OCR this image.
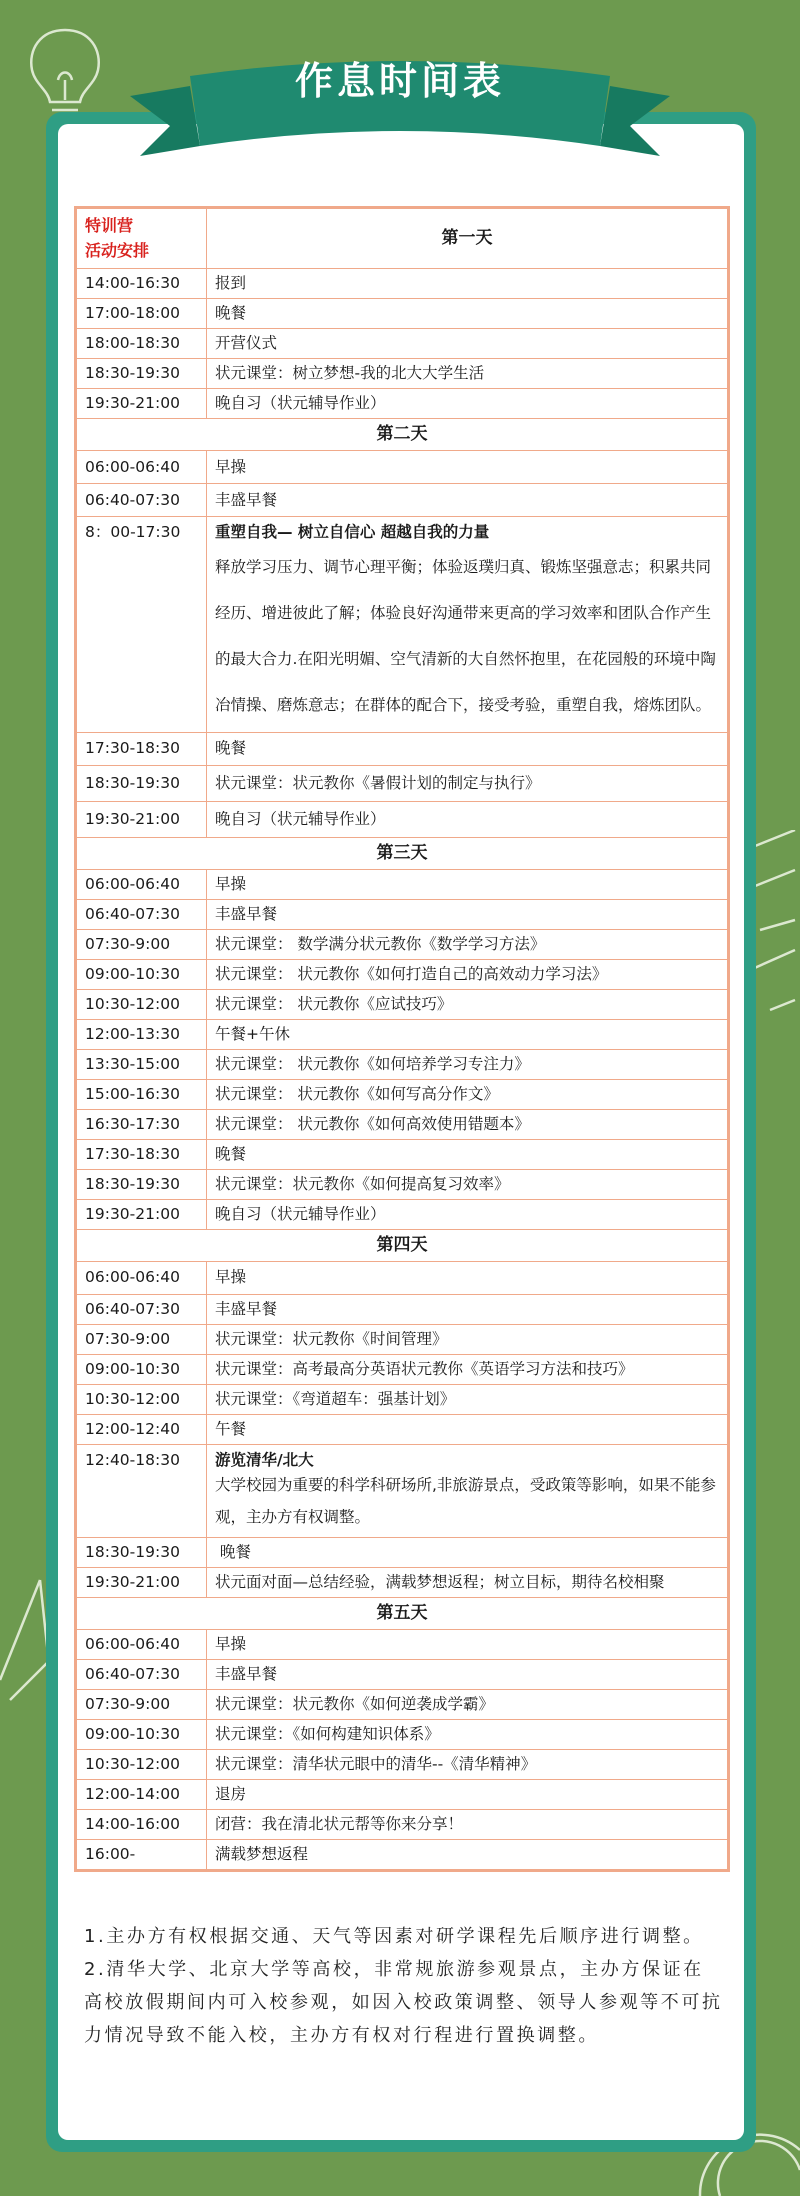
作息时间表
特训营
活动安排	第一天
14:00-16:30	报到
17:00-18:00	晚餐
18:00-18:30	开营仪式
18:30-19:30	状元课堂：树立梦想-我的北大大学生活
19:30-21:00	晚自习（状元辅导作业）
第二天	
06:00-06:40	早操
06:40-07:30	丰盛早餐
8：00-17:30	重塑自我— 树立自信心 超越自我的力量
释放学习压力、调节心理平衡；体验返璞归真、锻炼坚强意志；积累共同经历、增进彼此了解；体验良好沟通带来更高的学习效率和团队合作产生的最大合力.在阳光明媚、空气清新的大自然怀抱里，在花园般的环境中陶冶情操、磨炼意志；在群体的配合下，接受考验，重塑自我，熔炼团队。

17:30-18:30	晚餐
18:30-19:30	状元课堂：状元教你《暑假计划的制定与执行》
19:30-21:00	晚自习（状元辅导作业）
第三天	
06:00-06:40	早操
06:40-07:30	丰盛早餐
07:30-9:00	状元课堂： 数学满分状元教你《数学学习方法》
09:00-10:30	状元课堂： 状元教你《如何打造自己的高效动力学习法》
10:30-12:00	状元课堂： 状元教你《应试技巧》
12:00-13:30	午餐+午休
13:30-15:00	状元课堂： 状元教你《如何培养学习专注力》
15:00-16:30	状元课堂： 状元教你《如何写高分作文》
16:30-17:30	状元课堂： 状元教你《如何高效使用错题本》
17:30-18:30	晚餐
18:30-19:30	状元课堂：状元教你《如何提高复习效率》
19:30-21:00	晚自习（状元辅导作业）
第四天	
06:00-06:40	早操
06:40-07:30	丰盛早餐
07:30-9:00	状元课堂：状元教你《时间管理》
09:00-10:30	状元课堂：高考最高分英语状元教你《英语学习方法和技巧》
10:30-12:00	状元课堂：《弯道超车：强基计划》
12:00-12:40	午餐
12:40-18:30	游览清华/北大
大学校园为重要的科学科研场所,非旅游景点，受政策等影响，如果不能参观，主办方有权调整。

18:30-19:30	晚餐
19:30-21:00	状元面对面—总结经验，满载梦想返程；树立目标，期待名校相聚
第五天	
06:00-06:40	早操
06:40-07:30	丰盛早餐
07:30-9:00	状元课堂：状元教你《如何逆袭成学霸》
09:00-10:30	状元课堂：《如何构建知识体系》
10:30-12:00	状元课堂：清华状元眼中的清华--《清华精神》
12:00-14:00	退房
14:00-16:00	闭营：我在清北状元帮等你来分享！
16:00-	满载梦想返程

1.主办方有权根据交通、天气等因素对研学课程先后顺序进行调整。

2.清华大学、北京大学等高校，非常规旅游参观景点，主办方保证在高校放假期间内可入校参观，如因入校政策调整、领导人参观等不可抗力情况导致不能入校，主办方有权对行程进行置换调整。
